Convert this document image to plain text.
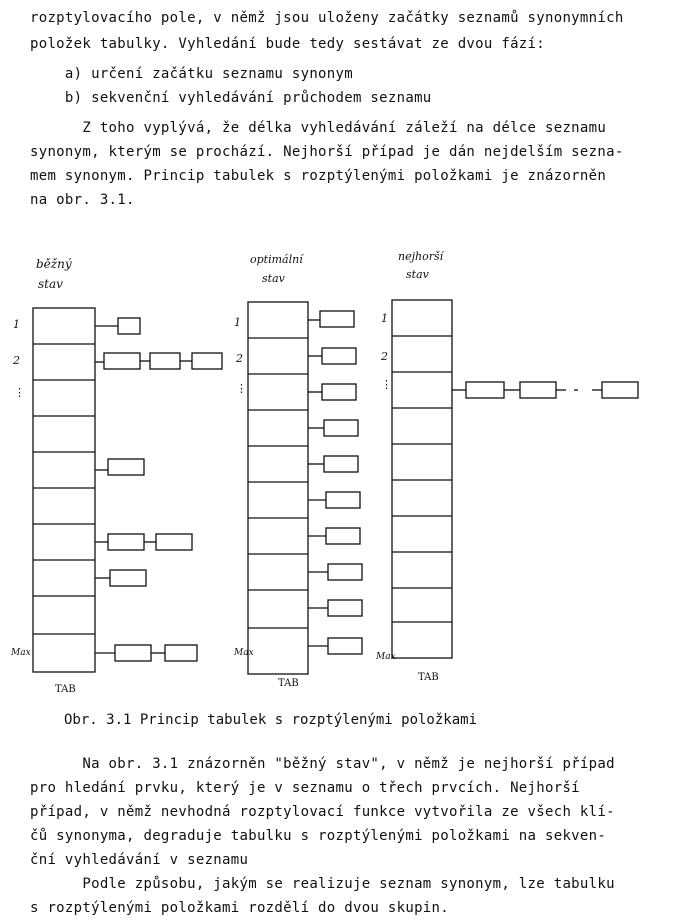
rozptylovacího pole, v němž jsou uloženy začátky seznamů synonymních
položek tabulky. Vyhledání bude tedy sestávat ze dvou fází:
a) určení začátku seznamu synonym
b) sekvenční vyhledávání průchodem seznamu
Z toho vyplývá, že délka vyhledávání záleží na délce seznamu
synonym, kterým se prochází. Nejhorší případ je dán nejdelším sezna-
mem synonym. Princip tabulek s rozptýlenými položkami je znázorněn
na obr. 3.1.
běžný
stav
optimální
stav
nejhorší
stav
1
2
⋮
Max
TAB
1
2
⋮
Max
TAB
1
2
⋮
Max
TAB
Obr. 3.1 Princip tabulek s rozptýlenými položkami
Na obr. 3.1 znázorněn "běžný stav", v němž je nejhorší případ
pro hledání prvku, který je v seznamu o třech prvcích. Nejhorší
případ, v němž nevhodná rozptylovací funkce vytvořila ze všech klí-
čů synonyma, degraduje tabulku s rozptýlenými položkami na sekven-
ční vyhledávání v seznamu
Podle způsobu, jakým se realizuje seznam synonym, lze tabulku
s rozptýlenými položkami rozdělí do dvou skupin.
